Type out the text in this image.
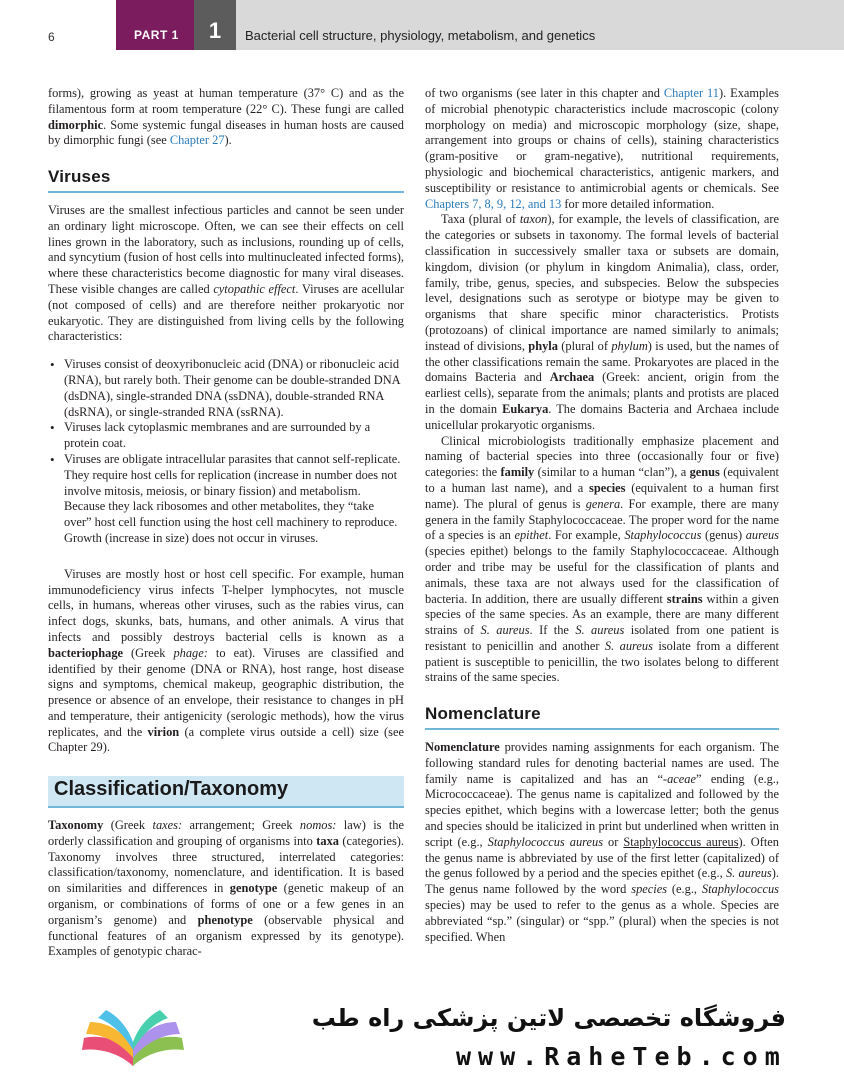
6	PART 1	1	Bacterial cell structure, physiology, metabolism, and genetics

forms), growing as yeast at human temperature (37° C) and as the filamentous form at room temperature (22° C). These fungi are called dimorphic. Some systemic fungal diseases in human hosts are caused by dimorphic fungi (see Chapter 27).

Viruses

Viruses are the smallest infectious particles and cannot be seen under an ordinary light microscope. Often, we can see their effects on cell lines grown in the laboratory, such as inclusions, rounding up of cells, and syncytium (fusion of host cells into multinucleated infected forms), where these characteristics become diagnostic for many viral diseases. These visible changes are called cytopathic effect. Viruses are acellular (not composed of cells) and are therefore neither prokaryotic nor eukaryotic. They are distinguished from living cells by the following characteristics:

• Viruses consist of deoxyribonucleic acid (DNA) or ribonucleic acid (RNA), but rarely both. Their genome can be double-stranded DNA (dsDNA), single-stranded DNA (ssDNA), double-stranded RNA (dsRNA), or single-stranded RNA (ssRNA).
• Viruses lack cytoplasmic membranes and are surrounded by a protein coat.
• Viruses are obligate intracellular parasites that cannot self-replicate. They require host cells for replication (increase in number does not involve mitosis, meiosis, or binary fission) and metabolism. Because they lack ribosomes and other metabolites, they “take over” host cell function using the host cell machinery to reproduce. Growth (increase in size) does not occur in viruses.

Viruses are mostly host or host cell specific. For example, human immunodeficiency virus infects T-helper lymphocytes, not muscle cells, in humans, whereas other viruses, such as the rabies virus, can infect dogs, skunks, bats, humans, and other animals. A virus that infects and possibly destroys bacterial cells is known as a bacteriophage (Greek phage: to eat). Viruses are classified and identified by their genome (DNA or RNA), host range, host disease signs and symptoms, chemical makeup, geographic distribution, the presence or absence of an envelope, their resistance to changes in pH and temperature, their antigenicity (serologic methods), how the virus replicates, and the virion (a complete virus outside a cell) size (see Chapter 29).

Classification/Taxonomy

Taxonomy (Greek taxes: arrangement; Greek nomos: law) is the orderly classification and grouping of organisms into taxa (categories). Taxonomy involves three structured, interrelated categories: classification/taxonomy, nomenclature, and identification. It is based on similarities and differences in genotype (genetic makeup of an organism, or combinations of forms of one or a few genes in an organism’s genome) and phenotype (observable physical and functional features of an organism expressed by its genotype). Examples of genotypic charac-

of two organisms (see later in this chapter and Chapter 11). Examples of microbial phenotypic characteristics include macroscopic (colony morphology on media) and microscopic morphology (size, shape, arrangement into groups or chains of cells), staining characteristics (gram-positive or gram-negative), nutritional requirements, physiologic and biochemical characteristics, antigenic markers, and susceptibility or resistance to antimicrobial agents or chemicals. See Chapters 7, 8, 9, 12, and 13 for more detailed information.

Taxa (plural of taxon), for example, the levels of classification, are the categories or subsets in taxonomy. The formal levels of bacterial classification in successively smaller taxa or subsets are domain, kingdom, division (or phylum in kingdom Animalia), class, order, family, tribe, genus, species, and subspecies. Below the subspecies level, designations such as serotype or biotype may be given to organisms that share specific minor characteristics. Protists (protozoans) of clinical importance are named similarly to animals; instead of divisions, phyla (plural of phylum) is used, but the names of the other classifications remain the same. Prokaryotes are placed in the domains Bacteria and Archaea (Greek: ancient, origin from the earliest cells), separate from the animals; plants and protists are placed in the domain Eukarya. The domains Bacteria and Archaea include unicellular prokaryotic organisms.

Clinical microbiologists traditionally emphasize placement and naming of bacterial species into three (occasionally four or five) categories: the family (similar to a human “clan”), a genus (equivalent to a human last name), and a species (equivalent to a human first name). The plural of genus is genera. For example, there are many genera in the family Staphylococcaceae. The proper word for the name of a species is an epithet. For example, Staphylococcus (genus) aureus (species epithet) belongs to the family Staphylococcaceae. Although order and tribe may be useful for the classification of plants and animals, these taxa are not always used for the classification of bacteria. In addition, there are usually different strains within a given species of the same species. As an example, there are many different strains of S. aureus. If the S. aureus isolated from one patient is resistant to penicillin and another S. aureus isolate from a different patient is susceptible to penicillin, the two isolates belong to different strains of the same species.

Nomenclature

Nomenclature provides naming assignments for each organism. The following standard rules for denoting bacterial names are used. The family name is capitalized and has an “-aceae” ending (e.g., Micrococcaceae). The genus name is capitalized and followed by the species epithet, which begins with a lowercase letter; both the genus and species should be italicized in print but underlined when written in script (e.g., Staphylococcus aureus or Staphylococcus aureus). Often the genus name is abbreviated by use of the first letter (capitalized) of the genus followed by a period and the species epithet (e.g., S. aureus). The genus name followed by the word species (e.g., Staphylococcus species) may be used to refer to the genus as a whole. Species are abbreviated “sp.” (singular) or “spp.” (plural) when the species is not specified. When

فروشگاه تخصصی لاتین پزشکی راه طب
www.RaheTeb.com
